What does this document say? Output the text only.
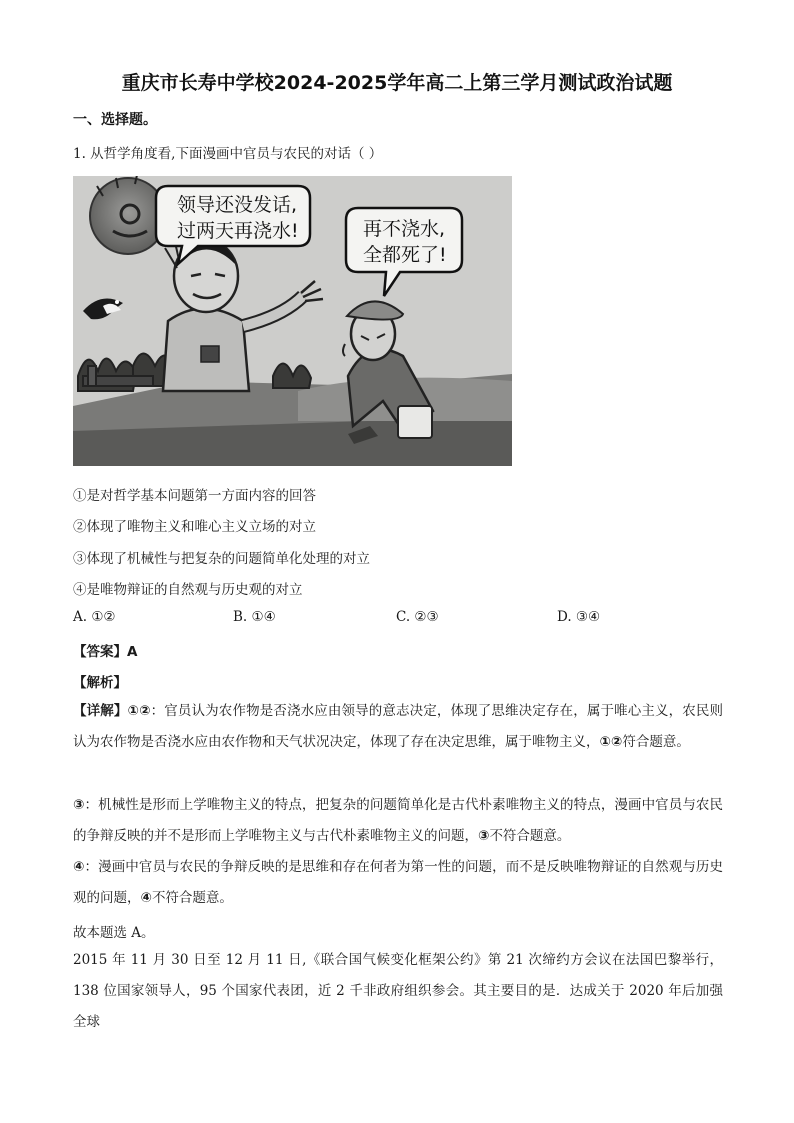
重庆市长寿中学校2024-2025学年高二上第三学月测试政治试题
一、选择题。
1. 从哲学角度看,下面漫画中官员与农民的对话（ ）
领导还没发话,
过两天再浇水!	再不浇水,
全都死了!
①是对哲学基本问题第一方面内容的回答
②体现了唯物主义和唯心主义立场的对立
③体现了机械性与把复杂的问题简单化处理的对立
④是唯物辩证的自然观与历史观的对立
A. ①②	B. ①④	C. ②③	D. ③④
【答案】A
【解析】
【详解】①②：官员认为农作物是否浇水应由领导的意志决定，体现了思维决定存在，属于唯心主义，农民则认为农作物是否浇水应由农作物和天气状况决定，体现了存在决定思维，属于唯物主义，①②符合题意。
③：机械性是形而上学唯物主义的特点，把复杂的问题简单化是古代朴素唯物主义的特点，漫画中官员与农民的争辩反映的并不是形而上学唯物主义与古代朴素唯物主义的问题，③不符合题意。
④：漫画中官员与农民的争辩反映的是思维和存在何者为第一性的问题，而不是反映唯物辩证的自然观与历史观的问题，④不符合题意。
故本题选 A。
2015 年 11 月 30 日至 12 月 11 日,《联合国气候变化框架公约》第 21 次缔约方会议在法国巴黎举行，138 位国家领导人，95 个国家代表团，近 2 千非政府组织参会。其主要目的是．达成关于 2020 年后加强全球
